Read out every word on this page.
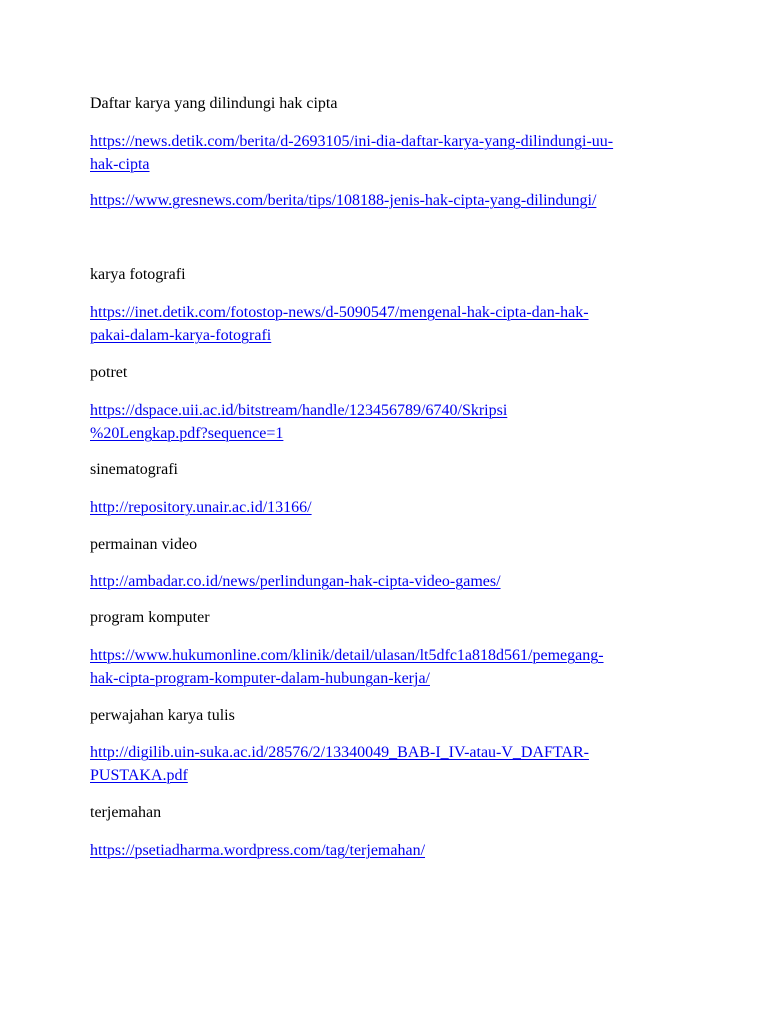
Daftar karya yang dilindungi hak cipta
https://news.detik.com/berita/d-2693105/ini-dia-daftar-karya-yang-dilindungi-uu-
hak-cipta
https://www.gresnews.com/berita/tips/108188-jenis-hak-cipta-yang-dilindungi/
karya fotografi
https://inet.detik.com/fotostop-news/d-5090547/mengenal-hak-cipta-dan-hak-
pakai-dalam-karya-fotografi
potret
https://dspace.uii.ac.id/bitstream/handle/123456789/6740/Skripsi
%20Lengkap.pdf?sequence=1
sinematografi
http://repository.unair.ac.id/13166/
permainan video
http://ambadar.co.id/news/perlindungan-hak-cipta-video-games/
program komputer
https://www.hukumonline.com/klinik/detail/ulasan/lt5dfc1a818d561/pemegang-
hak-cipta-program-komputer-dalam-hubungan-kerja/
perwajahan karya tulis
http://digilib.uin-suka.ac.id/28576/2/13340049_BAB-I_IV-atau-V_DAFTAR-
PUSTAKA.pdf
terjemahan
https://psetiadharma.wordpress.com/tag/terjemahan/
